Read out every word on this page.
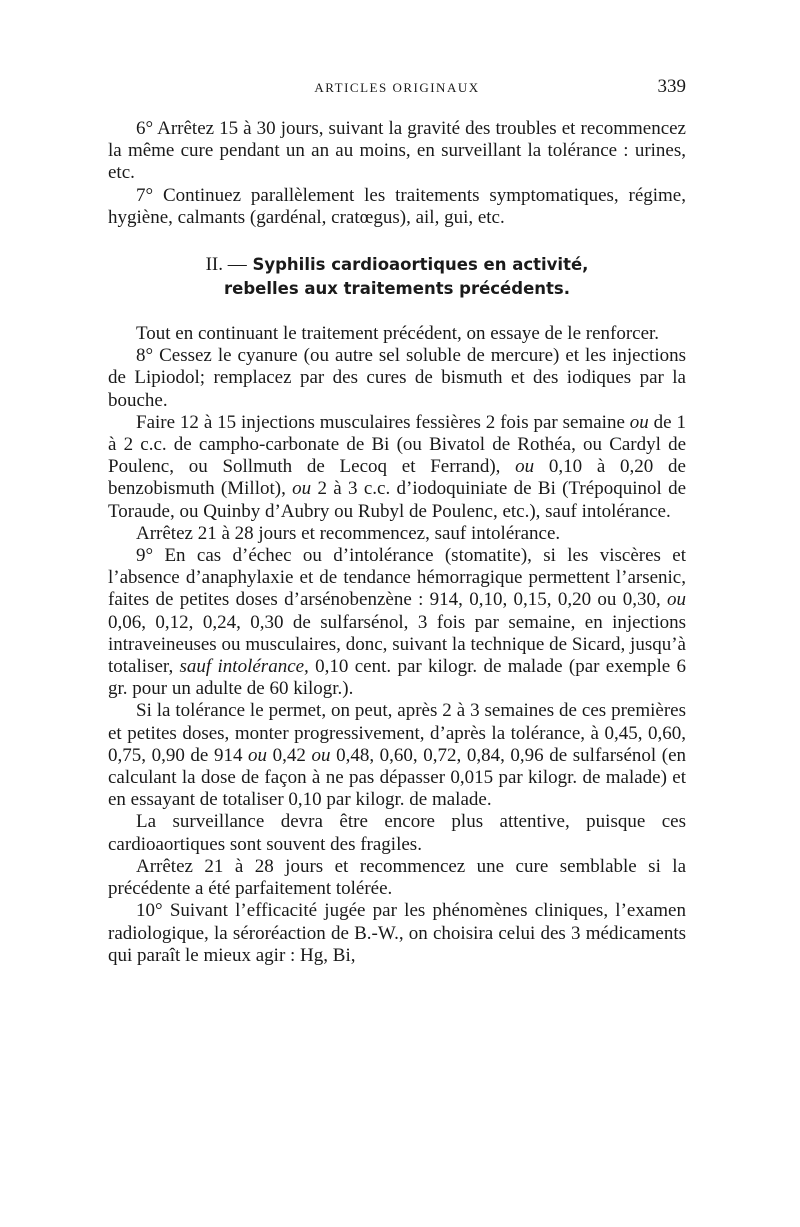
ARTICLES ORIGINAUX	339

6° Arrêtez 15 à 30 jours, suivant la gravité des troubles et recommencez la même cure pendant un an au moins, en surveillant la tolérance : urines, etc.

7° Continuez parallèlement les traitements symptomatiques, régime, hygiène, calmants (gardénal, cratœgus), ail, gui, etc.

II. — Syphilis cardioaortiques en activité,
rebelles aux traitements précédents.

Tout en continuant le traitement précédent, on essaye de le renforcer.

8° Cessez le cyanure (ou autre sel soluble de mercure) et les injections de Lipiodol; remplacez par des cures de bismuth et des iodiques par la bouche.

Faire 12 à 15 injections musculaires fessières 2 fois par semaine ou de 1 à 2 c.c. de campho-carbonate de Bi (ou Bivatol de Rothéa, ou Cardyl de Poulenc, ou Sollmuth de Lecoq et Ferrand), ou 0,10 à 0,20 de benzobismuth (Millot), ou 2 à 3 c.c. d’iodoquiniate de Bi (Trépoquinol de Toraude, ou Quinby d’Aubry ou Rubyl de Poulenc, etc.), sauf intolérance.

Arrêtez 21 à 28 jours et recommencez, sauf intolérance.

9° En cas d’échec ou d’intolérance (stomatite), si les viscères et l’absence d’anaphylaxie et de tendance hémorragique permettent l’arsenic, faites de petites doses d’arsénobenzène : 914, 0,10, 0,15, 0,20 ou 0,30, ou 0,06, 0,12, 0,24, 0,30 de sulfarsénol, 3 fois par semaine, en injections intraveineuses ou musculaires, donc, suivant la technique de Sicard, jusqu’à totaliser, sauf intolérance, 0,10 cent. par kilogr. de malade (par exemple 6 gr. pour un adulte de 60 kilogr.).

Si la tolérance le permet, on peut, après 2 à 3 semaines de ces premières et petites doses, monter progressivement, d’après la tolérance, à 0,45, 0,60, 0,75, 0,90 de 914 ou 0,42 ou 0,48, 0,60, 0,72, 0,84, 0,96 de sulfarsénol (en calculant la dose de façon à ne pas dépasser 0,015 par kilogr. de malade) et en essayant de totaliser 0,10 par kilogr. de malade.

La surveillance devra être encore plus attentive, puisque ces cardioaortiques sont souvent des fragiles.

Arrêtez 21 à 28 jours et recommencez une cure semblable si la précédente a été parfaitement tolérée.

10° Suivant l’efficacité jugée par les phénomènes cliniques, l’examen radiologique, la séroréaction de B.-W., on choisira celui des 3 médicaments qui paraît le mieux agir : Hg, Bi,
